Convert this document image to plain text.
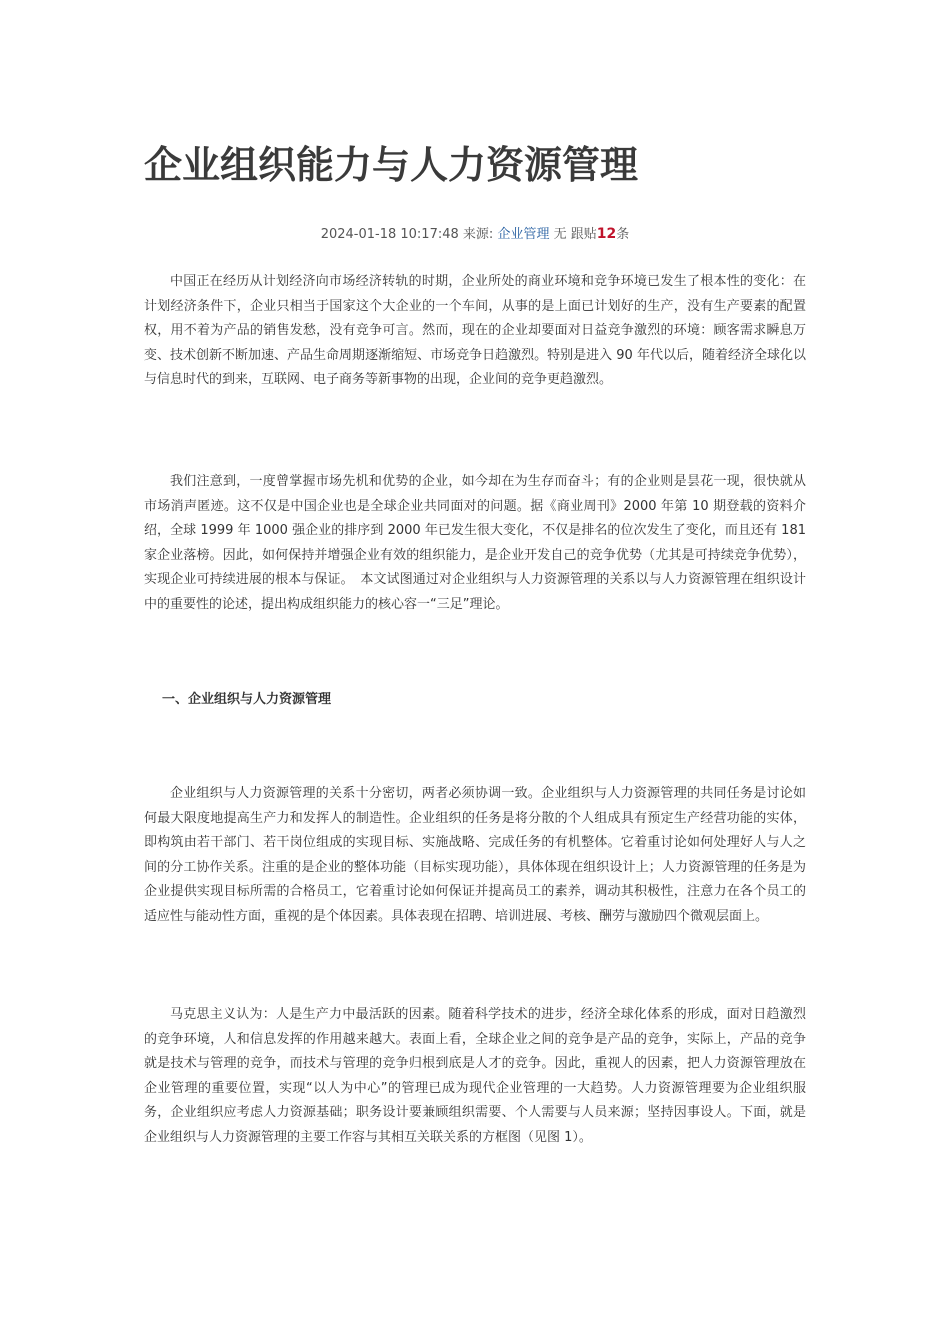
企业组织能力与人力资源管理
2024-01-18 10:17:48 来源: 企业管理 无 跟贴12条

中国正在经历从计划经济向市场经济转轨的时期，企业所处的商业环境和竞争环境已发生了根本性的变化：在计划经济条件下，企业只相当于国家这个大企业的一个车间，从事的是上面已计划好的生产，没有生产要素的配置权，用不着为产品的销售发愁，没有竞争可言。然而，现在的企业却要面对日益竞争激烈的环境：顾客需求瞬息万变、技术创新不断加速、产品生命周期逐渐缩短、市场竞争日趋激烈。特别是进入 90 年代以后，随着经济全球化以与信息时代的到来，互联网、电子商务等新事物的出现，企业间的竞争更趋激烈。

我们注意到，一度曾掌握市场先机和优势的企业，如今却在为生存而奋斗；有的企业则是昙花一现，很快就从市场消声匿迹。这不仅是中国企业也是全球企业共同面对的问题。据《商业周刊》2000 年第 10 期登载的资料介绍，全球 1999 年 1000 强企业的排序到 2000 年已发生很大变化，不仅是排名的位次发生了变化，而且还有 181 家企业落榜。因此，如何保持并增强企业有效的组织能力，是企业开发自己的竞争优势（尤其是可持续竞争优势），实现企业可持续进展的根本与保证。　本文试图通过对企业组织与人力资源管理的关系以与人力资源管理在组织设计中的重要性的论述，提出构成组织能力的核心容一“三足”理论。

一、企业组织与人力资源管理

企业组织与人力资源管理的关系十分密切，两者必须协调一致。企业组织与人力资源管理的共同任务是讨论如何最大限度地提高生产力和发挥人的制造性。企业组织的任务是将分散的个人组成具有预定生产经营功能的实体，即构筑由若干部门、若干岗位组成的实现目标、实施战略、完成任务的有机整体。它着重讨论如何处理好人与人之间的分工协作关系。注重的是企业的整体功能（目标实现功能），具体体现在组织设计上；人力资源管理的任务是为企业提供实现目标所需的合格员工，它着重讨论如何保证并提高员工的素养，调动其积极性，注意力在各个员工的适应性与能动性方面，重视的是个体因素。具体表现在招聘、培训进展、考核、酬劳与激励四个微观层面上。

马克思主义认为：人是生产力中最活跃的因素。随着科学技术的进步，经济全球化体系的形成，面对日趋激烈的竞争环境，人和信息发挥的作用越来越大。表面上看，全球企业之间的竞争是产品的竞争，实际上，产品的竞争就是技术与管理的竞争，而技术与管理的竞争归根到底是人才的竞争。因此，重视人的因素，把人力资源管理放在企业管理的重要位置，实现“以人为中心”的管理已成为现代企业管理的一大趋势。人力资源管理要为企业组织服务，企业组织应考虑人力资源基础；职务设计要兼顾组织需要、个人需要与人员来源；坚持因事设人。下面，就是企业组织与人力资源管理的主要工作容与其相互关联关系的方框图（见图 1）。
